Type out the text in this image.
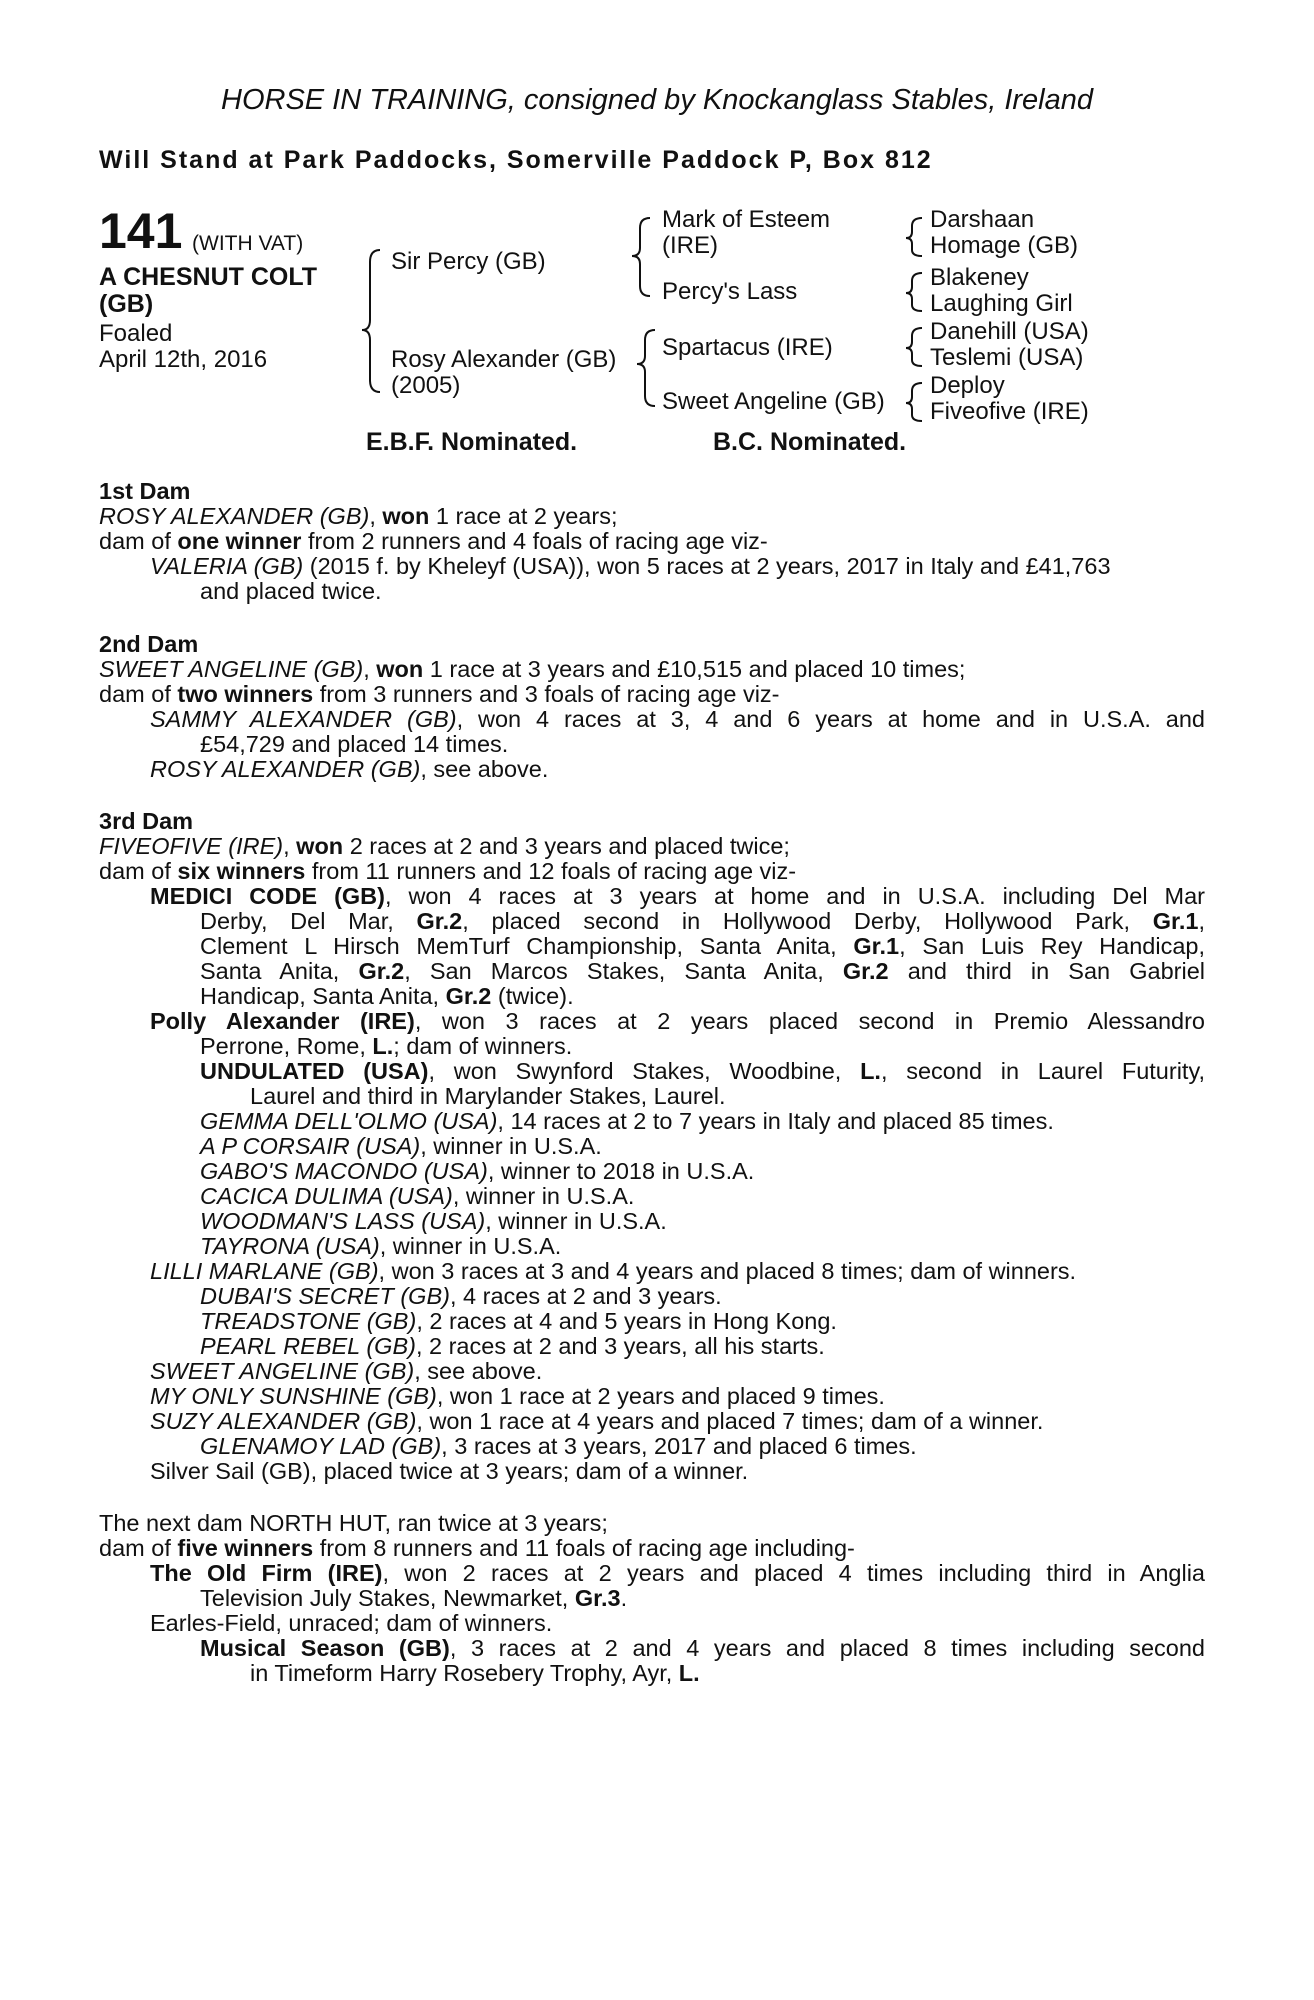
HORSE IN TRAINING, consigned by Knockanglass Stables, Ireland
Will Stand at Park Paddocks, Somerville Paddock P, Box 812
141 (WITH VAT)
A CHESNUT COLT
(GB)
Foaled
April 12th, 2016
Sir Percy (GB)
Rosy Alexander (GB)
(2005)
Mark of Esteem
(IRE)
Percy's Lass
Spartacus (IRE)
Sweet Angeline (GB)
Darshaan
Homage (GB)
Blakeney
Laughing Girl
Danehill (USA)
Teslemi (USA)
Deploy
Fiveofive (IRE)
E.B.F. Nominated.	B.C. Nominated.
1st Dam
ROSY ALEXANDER (GB), won 1 race at 2 years;
dam of one winner from 2 runners and 4 foals of racing age viz-
VALERIA (GB) (2015 f. by Kheleyf (USA)), won 5 races at 2 years, 2017 in Italy and £41,763
and placed twice.
2nd Dam
SWEET ANGELINE (GB), won 1 race at 3 years and £10,515 and placed 10 times;
dam of two winners from 3 runners and 3 foals of racing age viz-
SAMMY ALEXANDER (GB), won 4 races at 3, 4 and 6 years at home and in U.S.A. and
£54,729 and placed 14 times.
ROSY ALEXANDER (GB), see above.
3rd Dam
FIVEOFIVE (IRE), won 2 races at 2 and 3 years and placed twice;
dam of six winners from 11 runners and 12 foals of racing age viz-
MEDICI CODE (GB), won 4 races at 3 years at home and in U.S.A. including Del Mar
Derby, Del Mar, Gr.2, placed second in Hollywood Derby, Hollywood Park, Gr.1,
Clement L Hirsch MemTurf Championship, Santa Anita, Gr.1, San Luis Rey Handicap,
Santa Anita, Gr.2, San Marcos Stakes, Santa Anita, Gr.2 and third in San Gabriel
Handicap, Santa Anita, Gr.2 (twice).
Polly Alexander (IRE), won 3 races at 2 years placed second in Premio Alessandro
Perrone, Rome, L.; dam of winners.
UNDULATED (USA), won Swynford Stakes, Woodbine, L., second in Laurel Futurity,
Laurel and third in Marylander Stakes, Laurel.
GEMMA DELL'OLMO (USA), 14 races at 2 to 7 years in Italy and placed 85 times.
A P CORSAIR (USA), winner in U.S.A.
GABO'S MACONDO (USA), winner to 2018 in U.S.A.
CACICA DULIMA (USA), winner in U.S.A.
WOODMAN'S LASS (USA), winner in U.S.A.
TAYRONA (USA), winner in U.S.A.
LILLI MARLANE (GB), won 3 races at 3 and 4 years and placed 8 times; dam of winners.
DUBAI'S SECRET (GB), 4 races at 2 and 3 years.
TREADSTONE (GB), 2 races at 4 and 5 years in Hong Kong.
PEARL REBEL (GB), 2 races at 2 and 3 years, all his starts.
SWEET ANGELINE (GB), see above.
MY ONLY SUNSHINE (GB), won 1 race at 2 years and placed 9 times.
SUZY ALEXANDER (GB), won 1 race at 4 years and placed 7 times; dam of a winner.
GLENAMOY LAD (GB), 3 races at 3 years, 2017 and placed 6 times.
Silver Sail (GB), placed twice at 3 years; dam of a winner.
The next dam NORTH HUT, ran twice at 3 years;
dam of five winners from 8 runners and 11 foals of racing age including-
The Old Firm (IRE), won 2 races at 2 years and placed 4 times including third in Anglia
Television July Stakes, Newmarket, Gr.3.
Earles-Field, unraced; dam of winners.
Musical Season (GB), 3 races at 2 and 4 years and placed 8 times including second
in Timeform Harry Rosebery Trophy, Ayr, L.
